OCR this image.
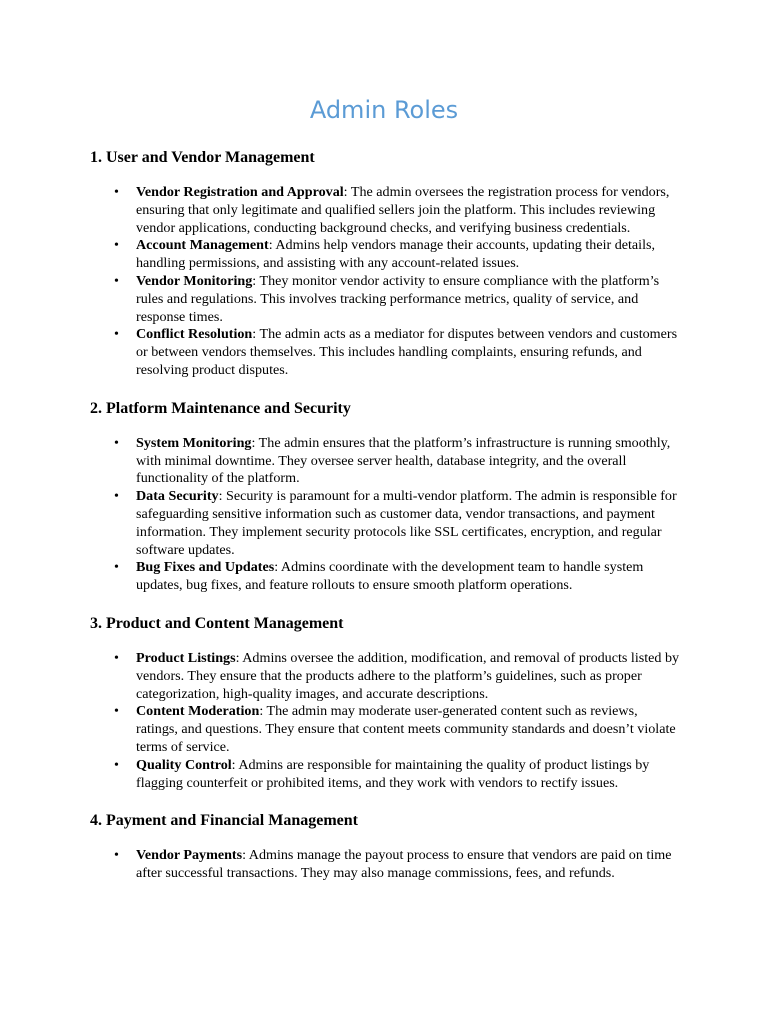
Admin Roles
1. User and Vendor Management
• Vendor Registration and Approval: The admin oversees the registration process for vendors, ensuring that only legitimate and qualified sellers join the platform. This includes reviewing vendor applications, conducting background checks, and verifying business credentials.
• Account Management: Admins help vendors manage their accounts, updating their details, handling permissions, and assisting with any account-related issues.
• Vendor Monitoring: They monitor vendor activity to ensure compliance with the platform’s rules and regulations. This involves tracking performance metrics, quality of service, and response times.
• Conflict Resolution: The admin acts as a mediator for disputes between vendors and customers or between vendors themselves. This includes handling complaints, ensuring refunds, and resolving product disputes.
2. Platform Maintenance and Security
• System Monitoring: The admin ensures that the platform’s infrastructure is running smoothly, with minimal downtime. They oversee server health, database integrity, and the overall functionality of the platform.
• Data Security: Security is paramount for a multi-vendor platform. The admin is responsible for safeguarding sensitive information such as customer data, vendor transactions, and payment information. They implement security protocols like SSL certificates, encryption, and regular software updates.
• Bug Fixes and Updates: Admins coordinate with the development team to handle system updates, bug fixes, and feature rollouts to ensure smooth platform operations.
3. Product and Content Management
• Product Listings: Admins oversee the addition, modification, and removal of products listed by vendors. They ensure that the products adhere to the platform’s guidelines, such as proper categorization, high-quality images, and accurate descriptions.
• Content Moderation: The admin may moderate user-generated content such as reviews, ratings, and questions. They ensure that content meets community standards and doesn’t violate terms of service.
• Quality Control: Admins are responsible for maintaining the quality of product listings by flagging counterfeit or prohibited items, and they work with vendors to rectify issues.
4. Payment and Financial Management
• Vendor Payments: Admins manage the payout process to ensure that vendors are paid on time after successful transactions. They may also manage commissions, fees, and refunds.
